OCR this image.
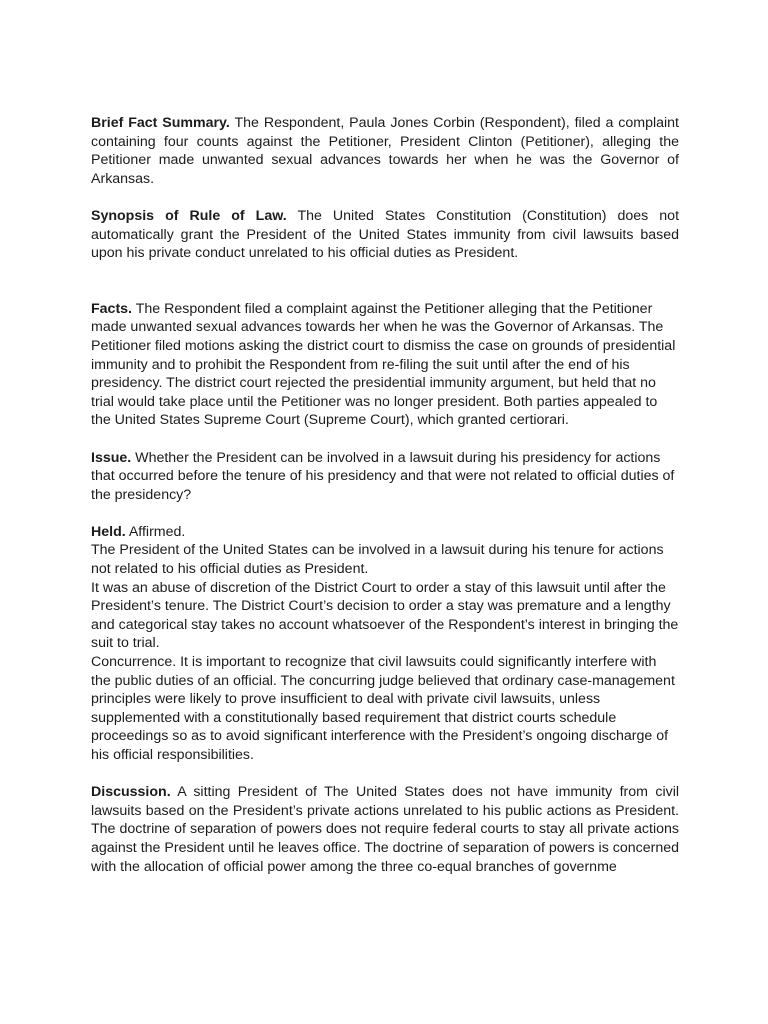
Brief Fact Summary. The Respondent, Paula Jones Corbin (Respondent), filed a complaint containing four counts against the Petitioner, President Clinton (Petitioner), alleging the Petitioner made unwanted sexual advances towards her when he was the Governor of Arkansas.

Synopsis of Rule of Law. The United States Constitution (Constitution) does not automatically grant the President of the United States immunity from civil lawsuits based upon his private conduct unrelated to his official duties as President.

Facts. The Respondent filed a complaint against the Petitioner alleging that the Petitioner made unwanted sexual advances towards her when he was the Governor of Arkansas. The Petitioner filed motions asking the district court to dismiss the case on grounds of presidential immunity and to prohibit the Respondent from re-filing the suit until after the end of his presidency. The district court rejected the presidential immunity argument, but held that no trial would take place until the Petitioner was no longer president. Both parties appealed to the United States Supreme Court (Supreme Court), which granted certiorari.

Issue. Whether the President can be involved in a lawsuit during his presidency for actions that occurred before the tenure of his presidency and that were not related to official duties of the presidency?

Held. Affirmed.

The President of the United States can be involved in a lawsuit during his tenure for actions not related to his official duties as President.

It was an abuse of discretion of the District Court to order a stay of this lawsuit until after the President’s tenure. The District Court’s decision to order a stay was premature and a lengthy and categorical stay takes no account whatsoever of the Respondent’s interest in bringing the suit to trial.

Concurrence. It is important to recognize that civil lawsuits could significantly interfere with the public duties of an official. The concurring judge believed that ordinary case-management principles were likely to prove insufficient to deal with private civil lawsuits, unless supplemented with a constitutionally based requirement that district courts schedule proceedings so as to avoid significant interference with the President’s ongoing discharge of his official responsibilities.

Discussion. A sitting President of The United States does not have immunity from civil lawsuits based on the President’s private actions unrelated to his public actions as President. The doctrine of separation of powers does not require federal courts to stay all private actions against the President until he leaves office. The doctrine of separation of powers is concerned with the allocation of official power among the three co-equal branches of governme
